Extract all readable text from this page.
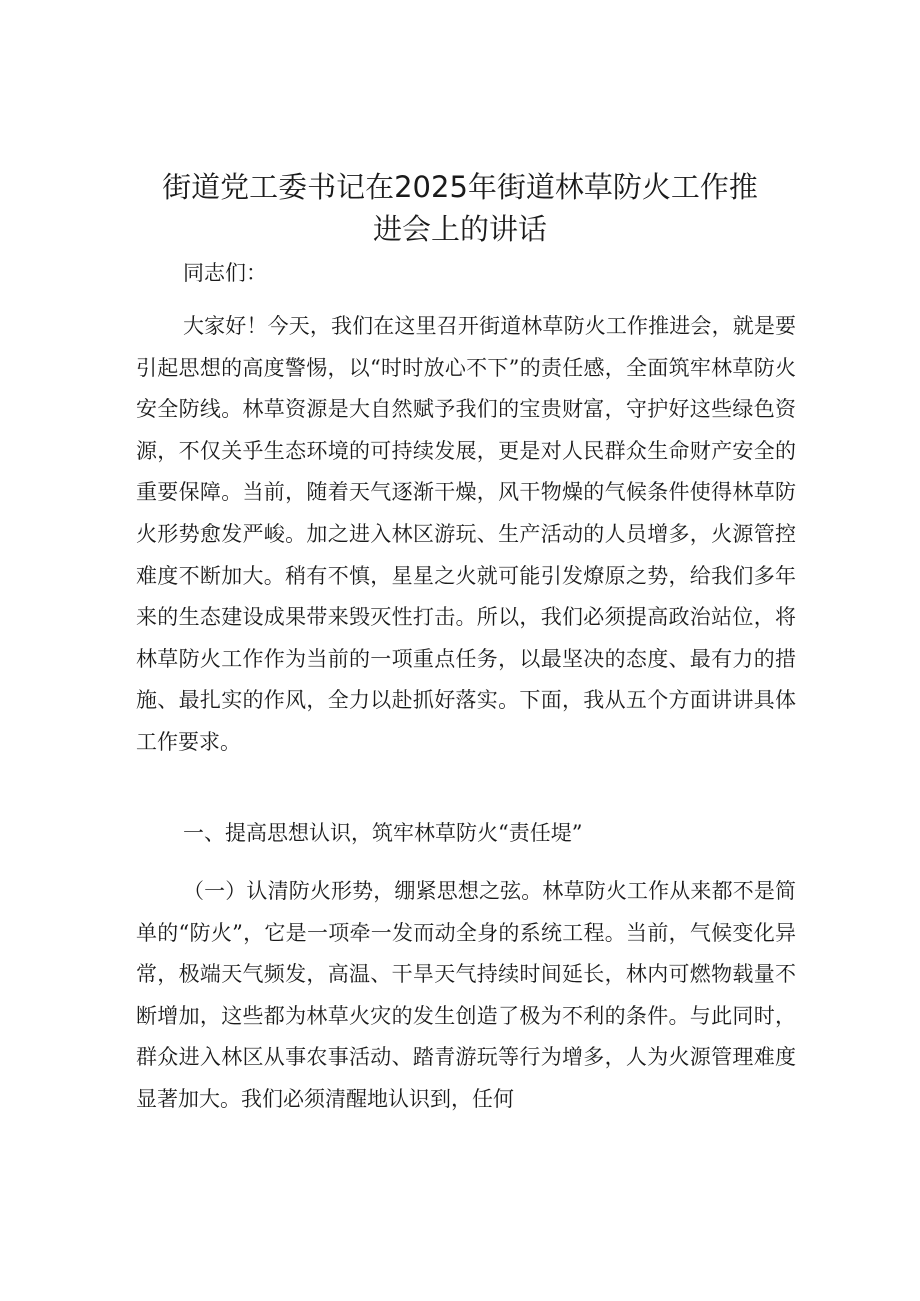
街道党工委书记在2025年街道林草防火工作推
进会上的讲话

同志们：

大家好！今天，我们在这里召开街道林草防火工作推进会，就是要引起思想的高度警惕，以“时时放心不下”的责任感，全面筑牢林草防火安全防线。林草资源是大自然赋予我们的宝贵财富，守护好这些绿色资源，不仅关乎生态环境的可持续发展，更是对人民群众生命财产安全的重要保障。当前，随着天气逐渐干燥，风干物燥的气候条件使得林草防火形势愈发严峻。加之进入林区游玩、生产活动的人员增多，火源管控难度不断加大。稍有不慎，星星之火就可能引发燎原之势，给我们多年来的生态建设成果带来毁灭性打击。所以，我们必须提高政治站位，将林草防火工作作为当前的一项重点任务，以最坚决的态度、最有力的措施、最扎实的作风，全力以赴抓好落实。下面，我从五个方面讲讲具体工作要求。

一、提高思想认识，筑牢林草防火“责任堤”

（一）认清防火形势，绷紧思想之弦。林草防火工作从来都不是简单的“防火”，它是一项牵一发而动全身的系统工程。当前，气候变化异常，极端天气频发，高温、干旱天气持续时间延长，林内可燃物载量不断增加，这些都为林草火灾的发生创造了极为不利的条件。与此同时，群众进入林区从事农事活动、踏青游玩等行为增多，人为火源管理难度显著加大。我们必须清醒地认识到，任何
